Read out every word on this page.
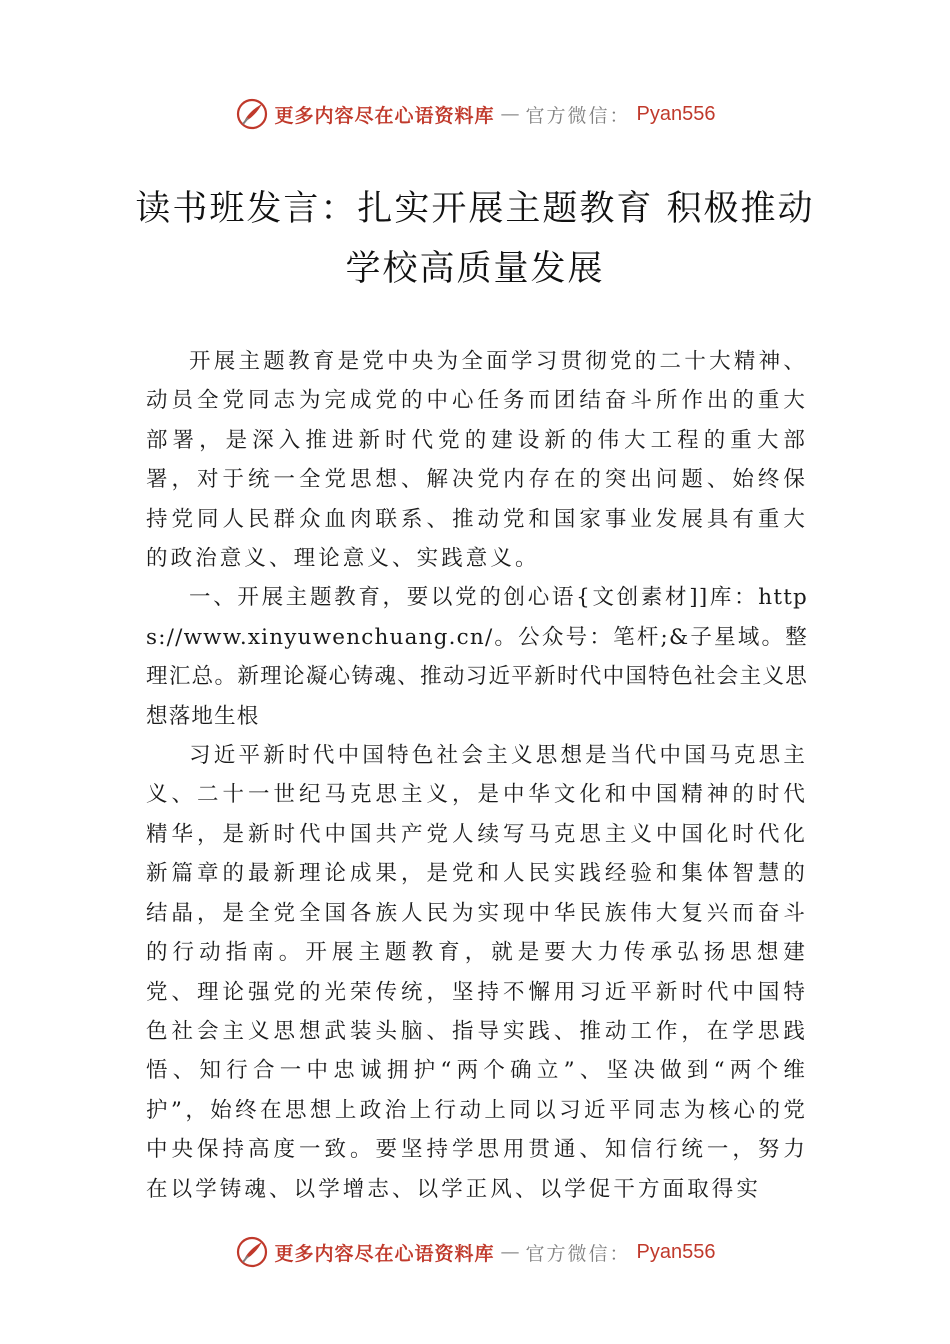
更多内容尽在心语资料库 — 官方微信： Pyan556
读书班发言：扎实开展主题教育 积极推动
学校高质量发展

开展主题教育是党中央为全面学习贯彻党的二十大精神、动员全党同志为完成党的中心任务而团结奋斗所作出的重大部署，是深入推进新时代党的建设新的伟大工程的重大部署，对于统一全党思想、解决党内存在的突出问题、始终保持党同人民群众血肉联系、推动党和国家事业发展具有重大的政治意义、理论意义、实践意义。

一、开展主题教育，要以党的创心语{文创素材]]库：https://www.xinyuwenchuang.cn/。公众号：笔杆;&子星域。整理汇总。新理论凝心铸魂、推动习近平新时代中国特色社会主义思想落地生根

习近平新时代中国特色社会主义思想是当代中国马克思主义、二十一世纪马克思主义，是中华文化和中国精神的时代精华，是新时代中国共产党人续写马克思主义中国化时代化新篇章的最新理论成果，是党和人民实践经验和集体智慧的结晶，是全党全国各族人民为实现中华民族伟大复兴而奋斗的行动指南。开展主题教育，就是要大力传承弘扬思想建党、理论强党的光荣传统，坚持不懈用习近平新时代中国特色社会主义思想武装头脑、指导实践、推动工作，在学思践悟、知行合一中忠诚拥护“两个确立”、坚决做到“两个维护”，始终在思想上政治上行动上同以习近平同志为核心的党中央保持高度一致。要坚持学思用贯通、知信行统一，努力在以学铸魂、以学增志、以学正风、以学促干方面取得实

更多内容尽在心语资料库 — 官方微信： Pyan556
